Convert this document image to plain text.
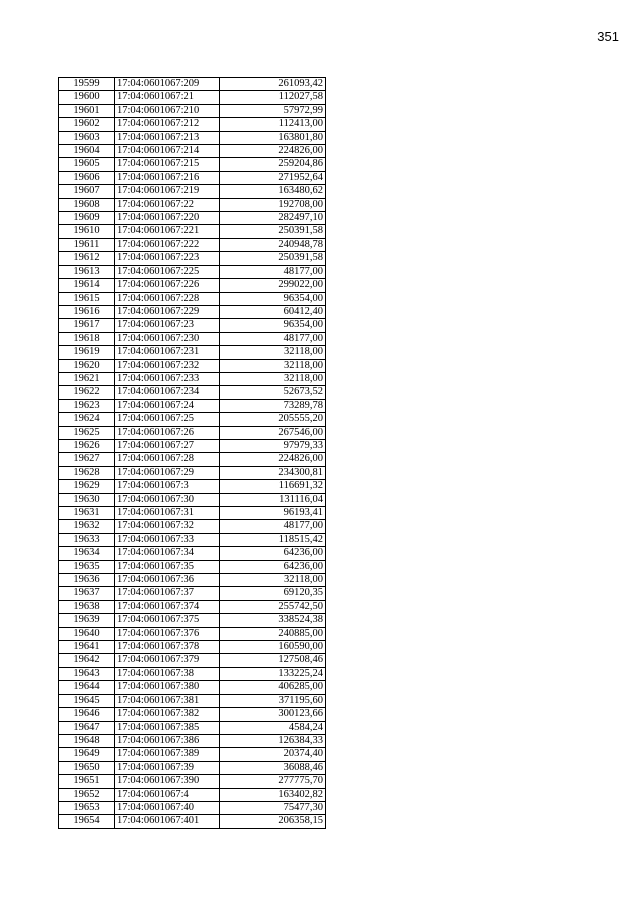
351
19599	17:04:0601067:209	261093,42
19600	17:04:0601067:21	112027,58
19601	17:04:0601067:210	57972,99
19602	17:04:0601067:212	112413,00
19603	17:04:0601067:213	163801,80
19604	17:04:0601067:214	224826,00
19605	17:04:0601067:215	259204,86
19606	17:04:0601067:216	271952,64
19607	17:04:0601067:219	163480,62
19608	17:04:0601067:22	192708,00
19609	17:04:0601067:220	282497,10
19610	17:04:0601067:221	250391,58
19611	17:04:0601067:222	240948,78
19612	17:04:0601067:223	250391,58
19613	17:04:0601067:225	48177,00
19614	17:04:0601067:226	299022,00
19615	17:04:0601067:228	96354,00
19616	17:04:0601067:229	60412,40
19617	17:04:0601067:23	96354,00
19618	17:04:0601067:230	48177,00
19619	17:04:0601067:231	32118,00
19620	17:04:0601067:232	32118,00
19621	17:04:0601067:233	32118,00
19622	17:04:0601067:234	52673,52
19623	17:04:0601067:24	73289,78
19624	17:04:0601067:25	205555,20
19625	17:04:0601067:26	267546,00
19626	17:04:0601067:27	97979,33
19627	17:04:0601067:28	224826,00
19628	17:04:0601067:29	234300,81
19629	17:04:0601067:3	116691,32
19630	17:04:0601067:30	131116,04
19631	17:04:0601067:31	96193,41
19632	17:04:0601067:32	48177,00
19633	17:04:0601067:33	118515,42
19634	17:04:0601067:34	64236,00
19635	17:04:0601067:35	64236,00
19636	17:04:0601067:36	32118,00
19637	17:04:0601067:37	69120,35
19638	17:04:0601067:374	255742,50
19639	17:04:0601067:375	338524,38
19640	17:04:0601067:376	240885,00
19641	17:04:0601067:378	160590,00
19642	17:04:0601067:379	127508,46
19643	17:04:0601067:38	133225,24
19644	17:04:0601067:380	406285,00
19645	17:04:0601067:381	371195,60
19646	17:04:0601067:382	300123,66
19647	17:04:0601067:385	4584,24
19648	17:04:0601067:386	126384,33
19649	17:04:0601067:389	20374,40
19650	17:04:0601067:39	36088,46
19651	17:04:0601067:390	277775,70
19652	17:04:0601067:4	163402,82
19653	17:04:0601067:40	75477,30
19654	17:04:0601067:401	206358,15
